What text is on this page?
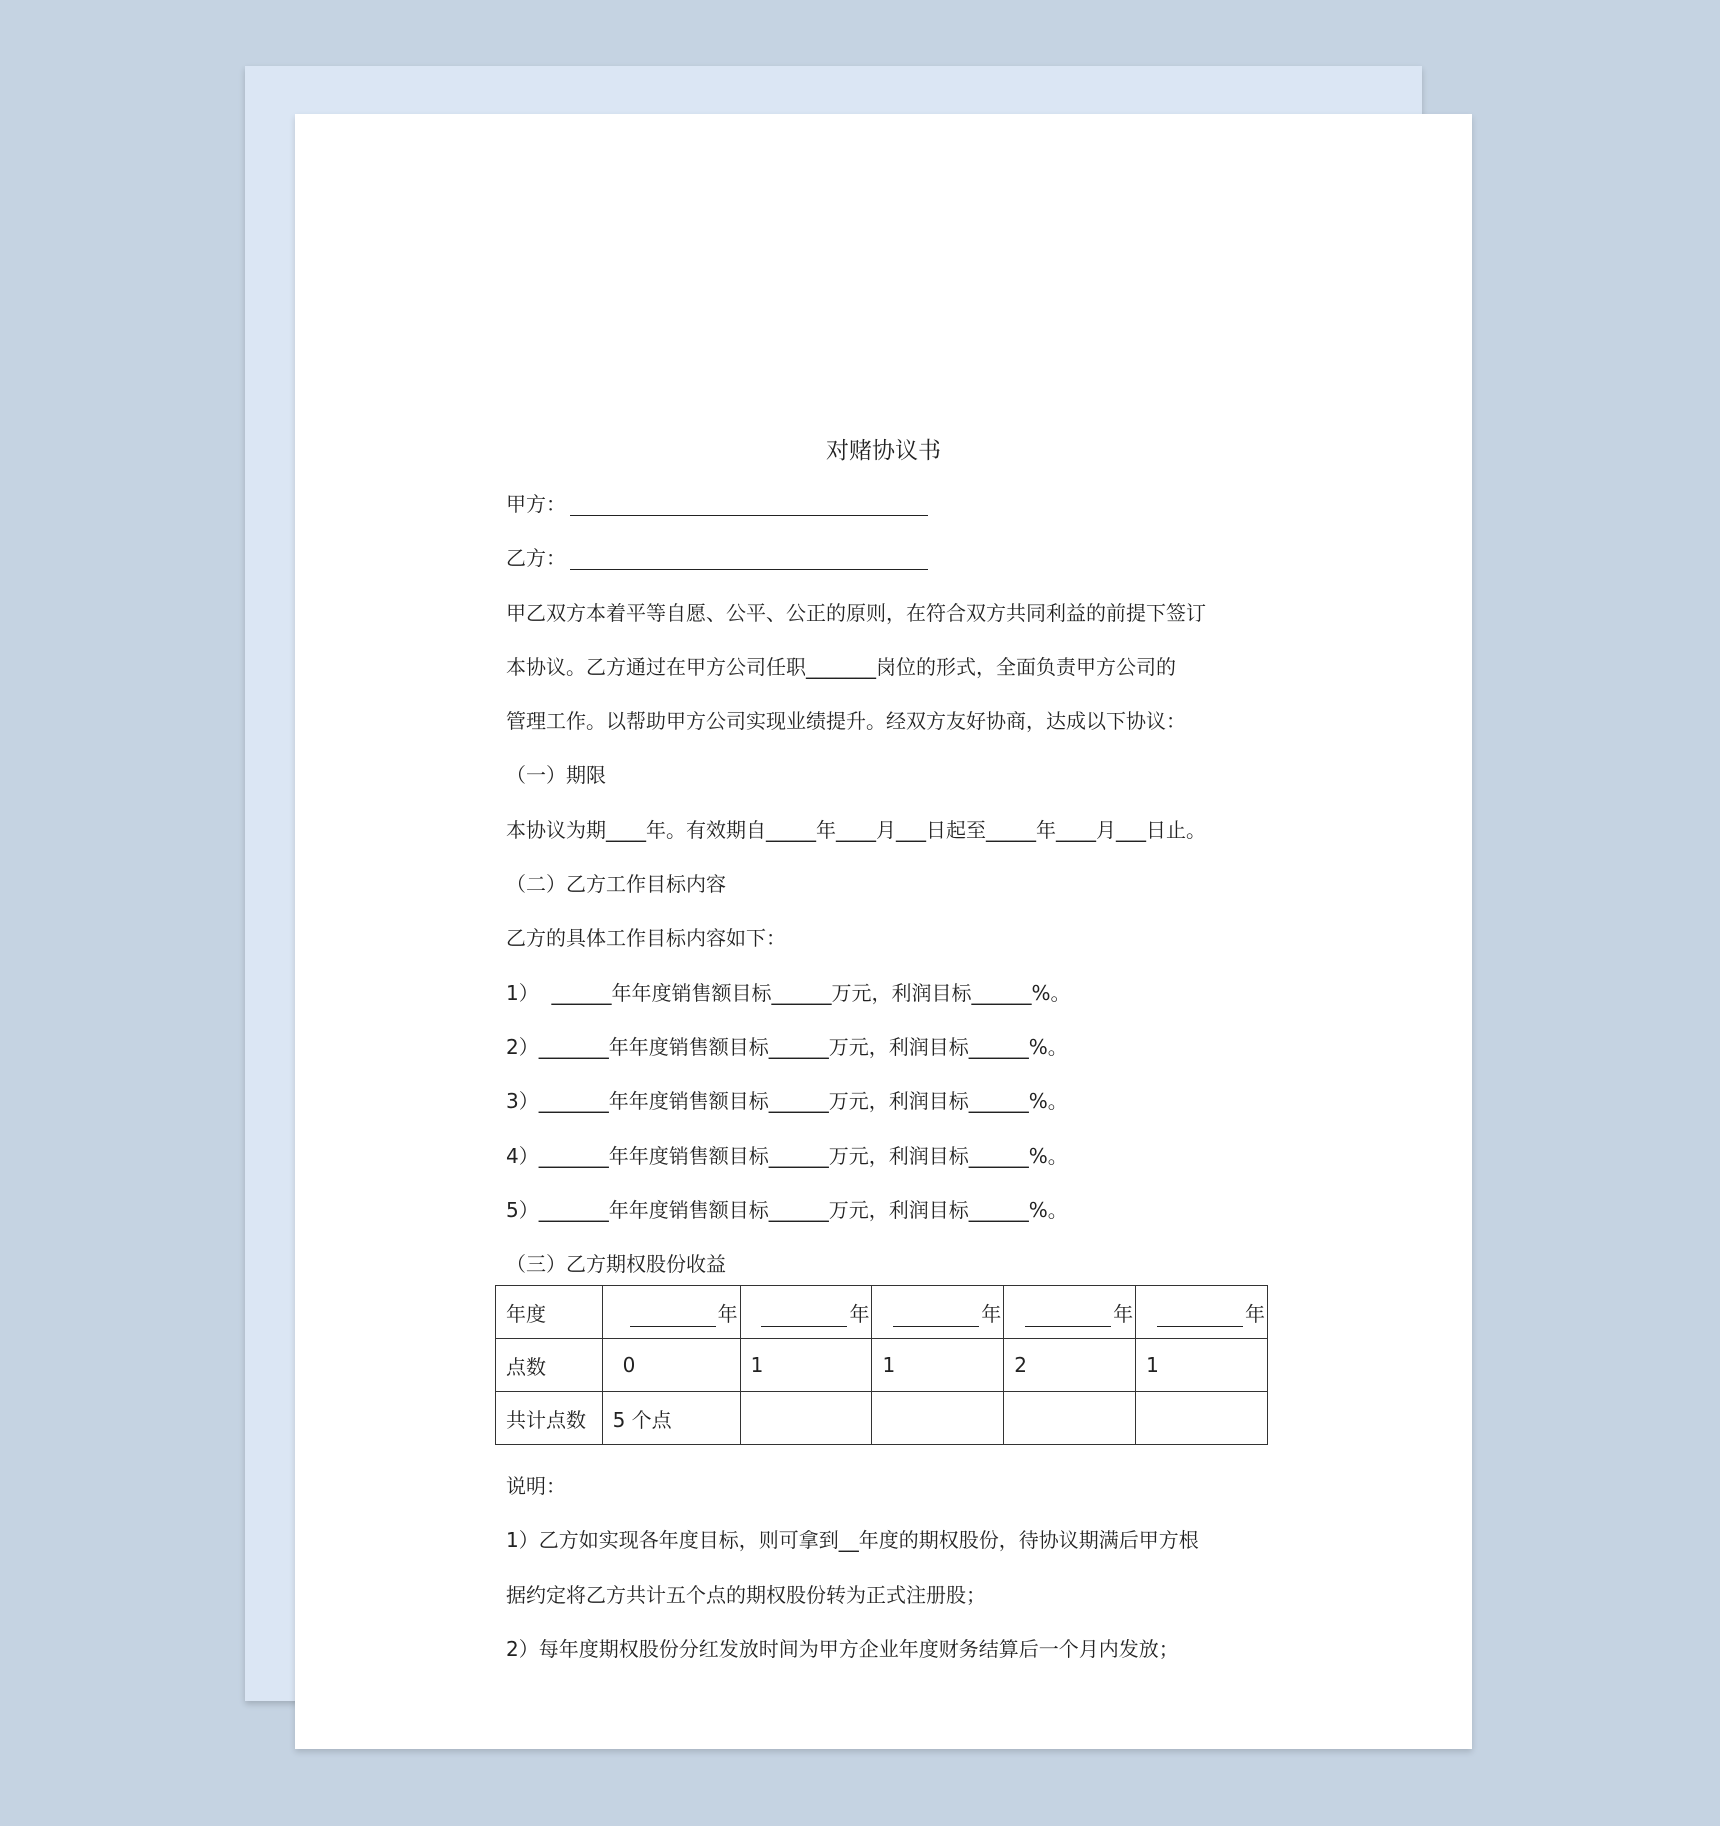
对赌协议书
甲方：
乙方：
甲乙双方本着平等自愿、公平、公正的原则，在符合双方共同利益的前提下签订
本协议。乙方通过在甲方公司任职_______岗位的形式，全面负责甲方公司的
管理工作。以帮助甲方公司实现业绩提升。经双方友好协商，达成以下协议：
（一）期限
本协议为期____年。有效期自_____年____月___日起至_____年____月___日止。
（二）乙方工作目标内容
乙方的具体工作目标内容如下：
1）  ______年年度销售额目标______万元，利润目标______%。
2）_______年年度销售额目标______万元，利润目标______%。
3）_______年年度销售额目标______万元，利润目标______%。
4）_______年年度销售额目标______万元，利润目标______%。
5）_______年年度销售额目标______万元，利润目标______%。
（三）乙方期权股份收益
年度	年	年	年	年	年
点数	0	1	1	2	1
共计点数	5 个点				
说明：
1）乙方如实现各年度目标，则可拿到__年度的期权股份，待协议期满后甲方根
据约定将乙方共计五个点的期权股份转为正式注册股；
2）每年度期权股份分红发放时间为甲方企业年度财务结算后一个月内发放；
